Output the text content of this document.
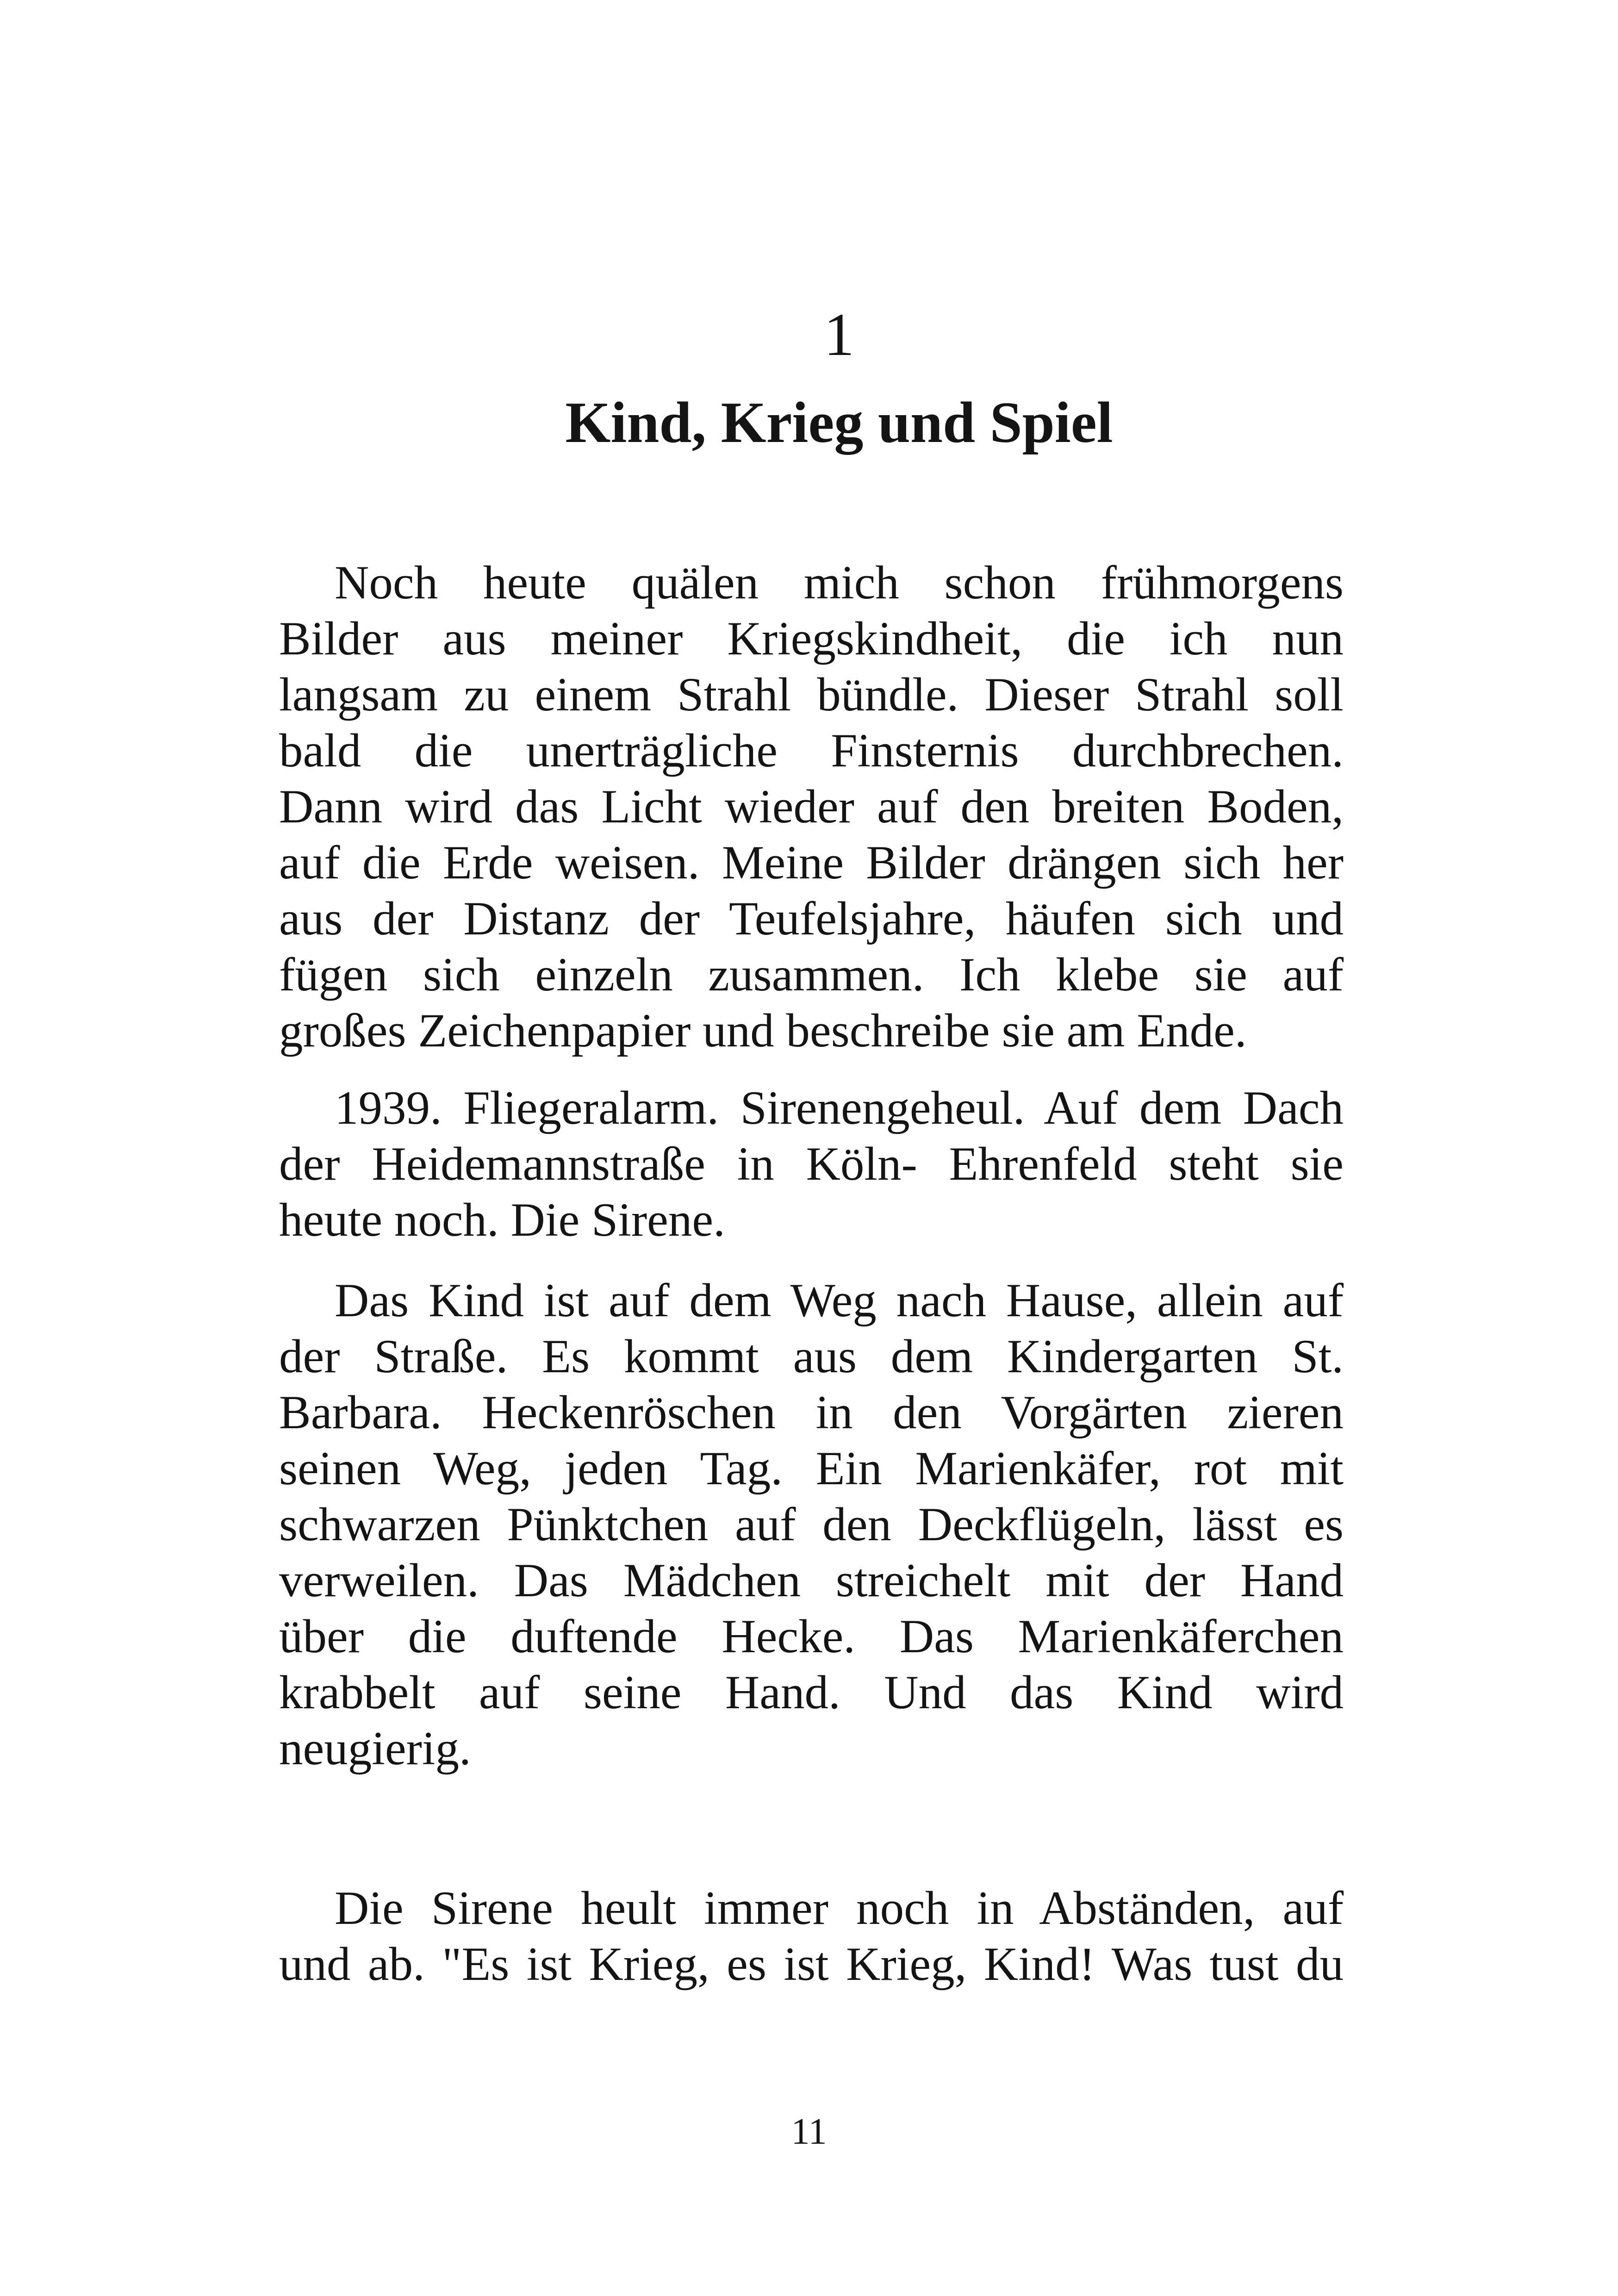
1
Kind, Krieg und Spiel
Noch heute quälen mich schon frühmorgens
Bilder aus meiner Kriegskindheit, die ich nun
langsam zu einem Strahl bündle. Dieser Strahl soll
bald die unerträgliche Finsternis durchbrechen.
Dann wird das Licht wieder auf den breiten Boden,
auf die Erde weisen. Meine Bilder drängen sich her
aus der Distanz der Teufelsjahre, häufen sich und
fügen sich einzeln zusammen. Ich klebe sie auf
großes Zeichenpapier und beschreibe sie am Ende.
1939. Fliegeralarm. Sirenengeheul. Auf dem Dach
der Heidemannstraße in Köln- Ehrenfeld steht sie
heute noch. Die Sirene.
Das Kind ist auf dem Weg nach Hause, allein auf
der Straße. Es kommt aus dem Kindergarten St.
Barbara. Heckenröschen in den Vorgärten zieren
seinen Weg, jeden Tag. Ein Marienkäfer, rot mit
schwarzen Pünktchen auf den Deckflügeln, lässt es
verweilen. Das Mädchen streichelt mit der Hand
über die duftende Hecke. Das Marienkäferchen
krabbelt auf seine Hand. Und das Kind wird
neugierig.
Die Sirene heult immer noch in Abständen, auf
und ab. "Es ist Krieg, es ist Krieg, Kind! Was tust du
11
